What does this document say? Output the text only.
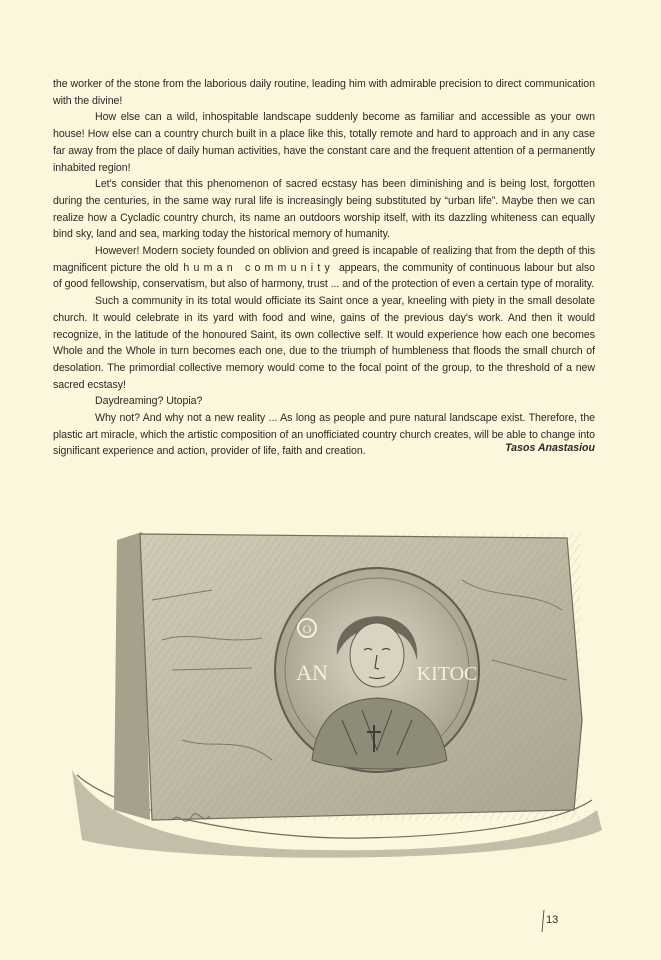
the worker of the stone from the laborious daily routine, leading him with admirable precision to direct communication with the divine!

How else can a wild, inhospitable landscape suddenly become as familiar and accessible as your own house! How else can a country church built in a place like this, totally remote and hard to approach and in any case far away from the place of daily human activities, have the constant care and the frequent attention of a permanently inhabited region!

Let's consider that this phenomenon of sacred ecstasy has been diminishing and is being lost, forgotten during the centuries, in the same way rural life is increasingly being substituted by “urban life”. Maybe then we can realize how a Cycladic country church, its name an outdoors worship itself, with its dazzling whiteness can equally bind sky, land and sea, marking today the historical memory of humanity.

However! Modern society founded on oblivion and greed is incapable of realizing that from the depth of this magnificent picture the old human community appears, the community of continuous labour but also of good fellowship, conservatism, but also of harmony, trust ... and of the protection of even a certain type of morality.

Such a community in its total would officiate its Saint once a year, kneeling with piety in the small desolate church. It would celebrate in its yard with food and wine, gains of the previous day's work. And then it would recognize, in the latitude of the honoured Saint, its own collective self. It would experience how each one becomes Whole and the Whole in turn becomes each one, due to the triumph of humbleness that floods the small church of desolation. The primordial collective memory would come to the focal point of the group, to the threshold of a new sacred ecstasy!

Daydreaming? Utopia?

Why not? And why not a new reality ... As long as people and pure natural landscape exist. Therefore, the plastic art miracle, which the artistic composition of an unofficiated country church creates, will be able to change into significant experience and action, provider of life, faith and creation.	Tasos Anastasiou
O
AN	KITOC
13
